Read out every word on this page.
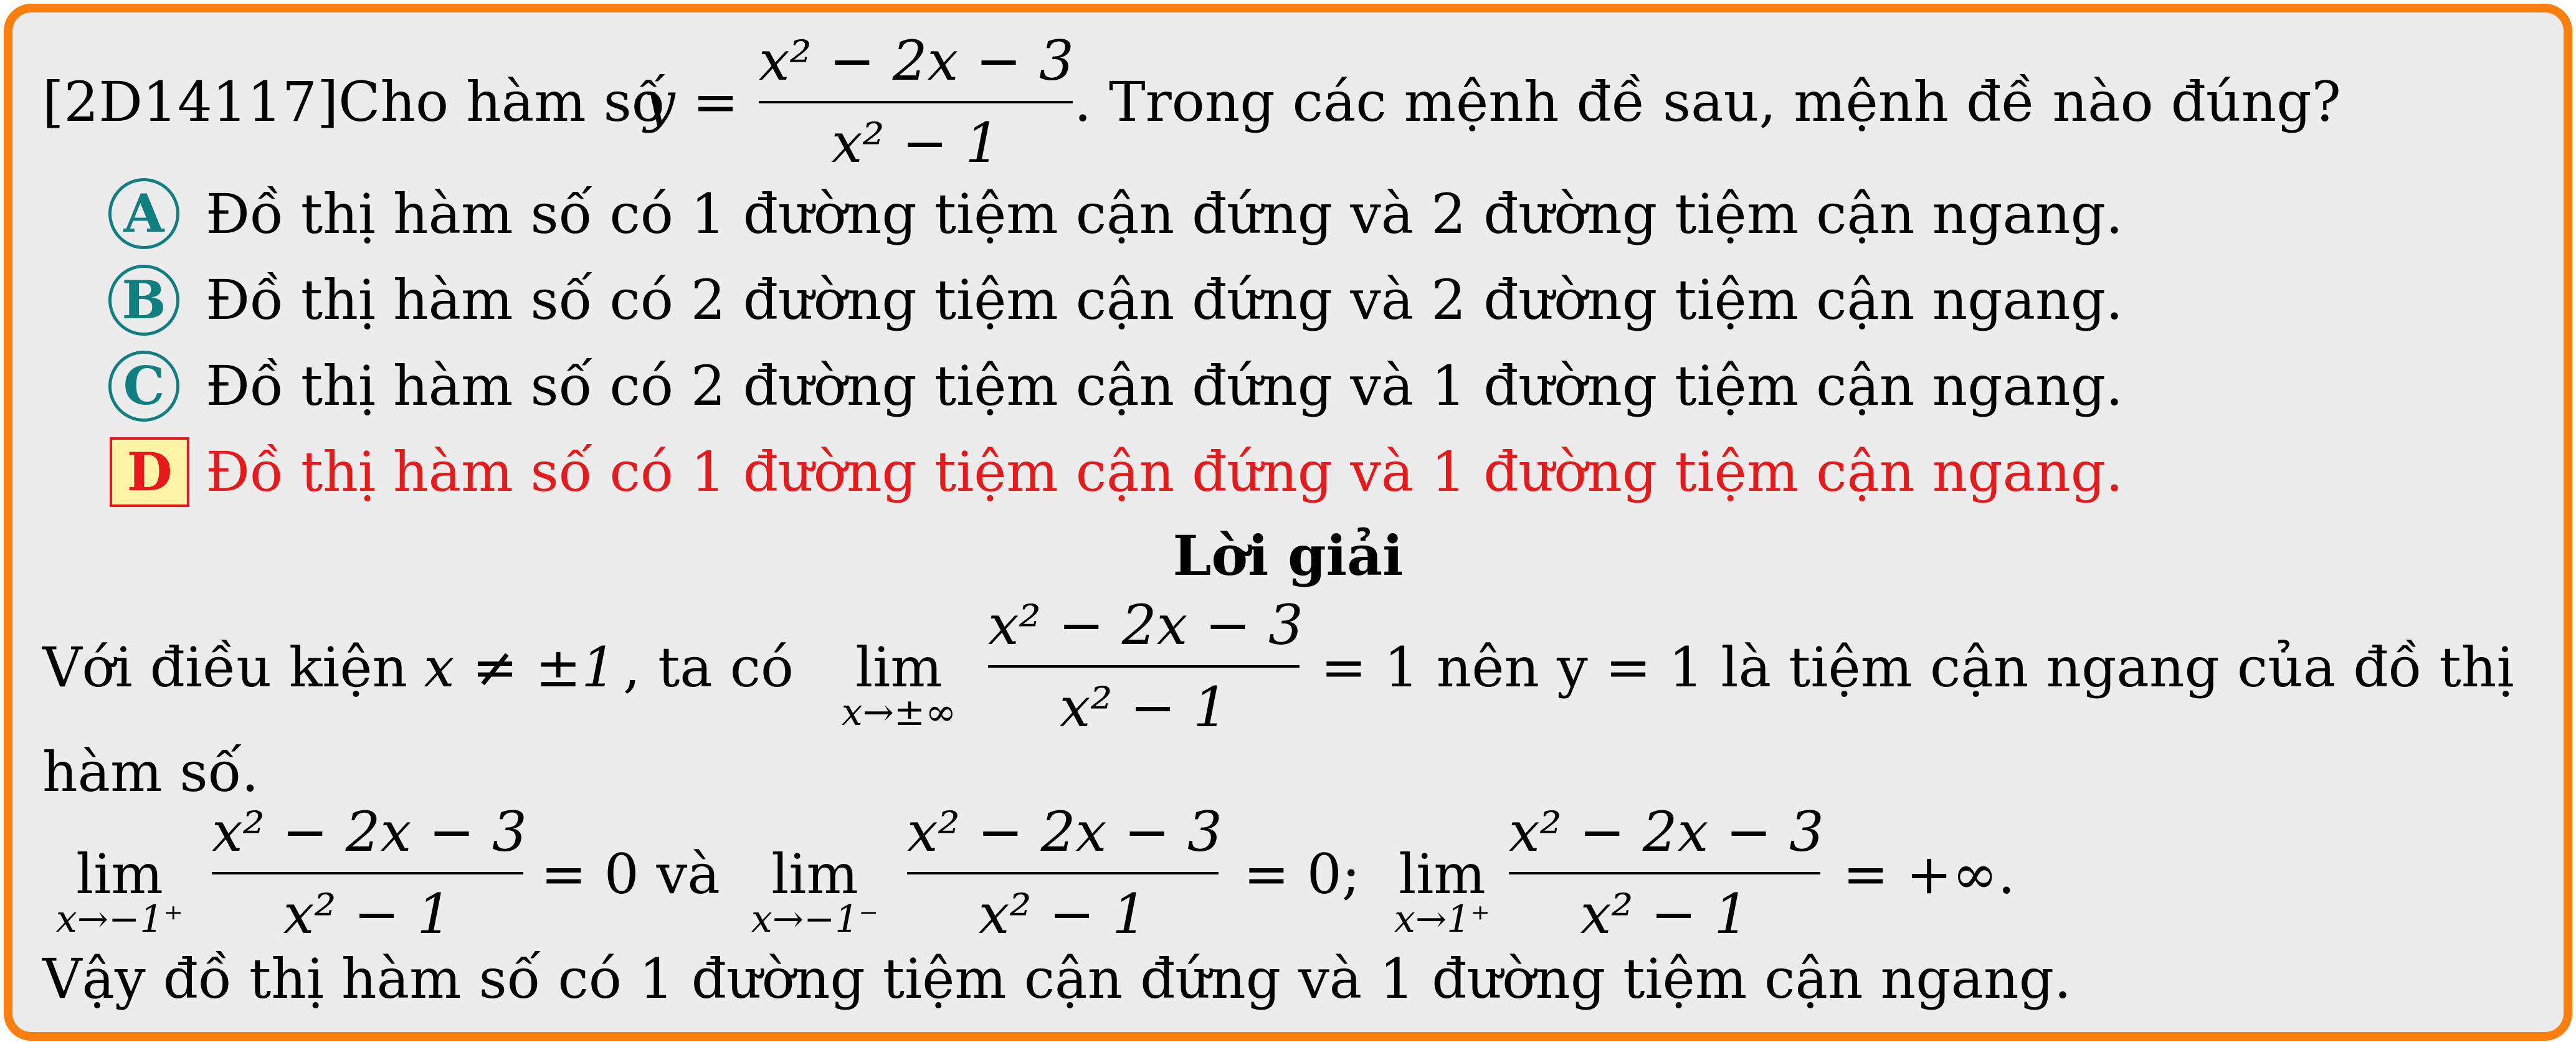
[2D14117]Cho hàm số
y =
x² − 2x − 3
x² − 1
. Trong các mệnh đề sau, mệnh đề nào đúng?
A Đồ thị hàm số có 1 đường tiệm cận đứng và 2 đường tiệm cận ngang.
B Đồ thị hàm số có 2 đường tiệm cận đứng và 2 đường tiệm cận ngang.
C Đồ thị hàm số có 2 đường tiệm cận đứng và 1 đường tiệm cận ngang.
D Đồ thị hàm số có 1 đường tiệm cận đứng và 1 đường tiệm cận ngang.
Lời giải
Với điều kiện x ≠ ±1 , ta có	lim
x→±∞
x² − 2x − 3
x² − 1
= 1 nên y = 1 là tiệm cận ngang của đồ thị
hàm số.
lim
x→−1⁺
x² − 2x − 3
x² − 1
= 0 và lim
x→−1⁻
x² − 2x − 3
x² − 1
= 0; lim
x→1⁺
x² − 2x − 3
x² − 1
= +∞.
Vậy đồ thị hàm số có 1 đường tiệm cận đứng và 1 đường tiệm cận ngang.
